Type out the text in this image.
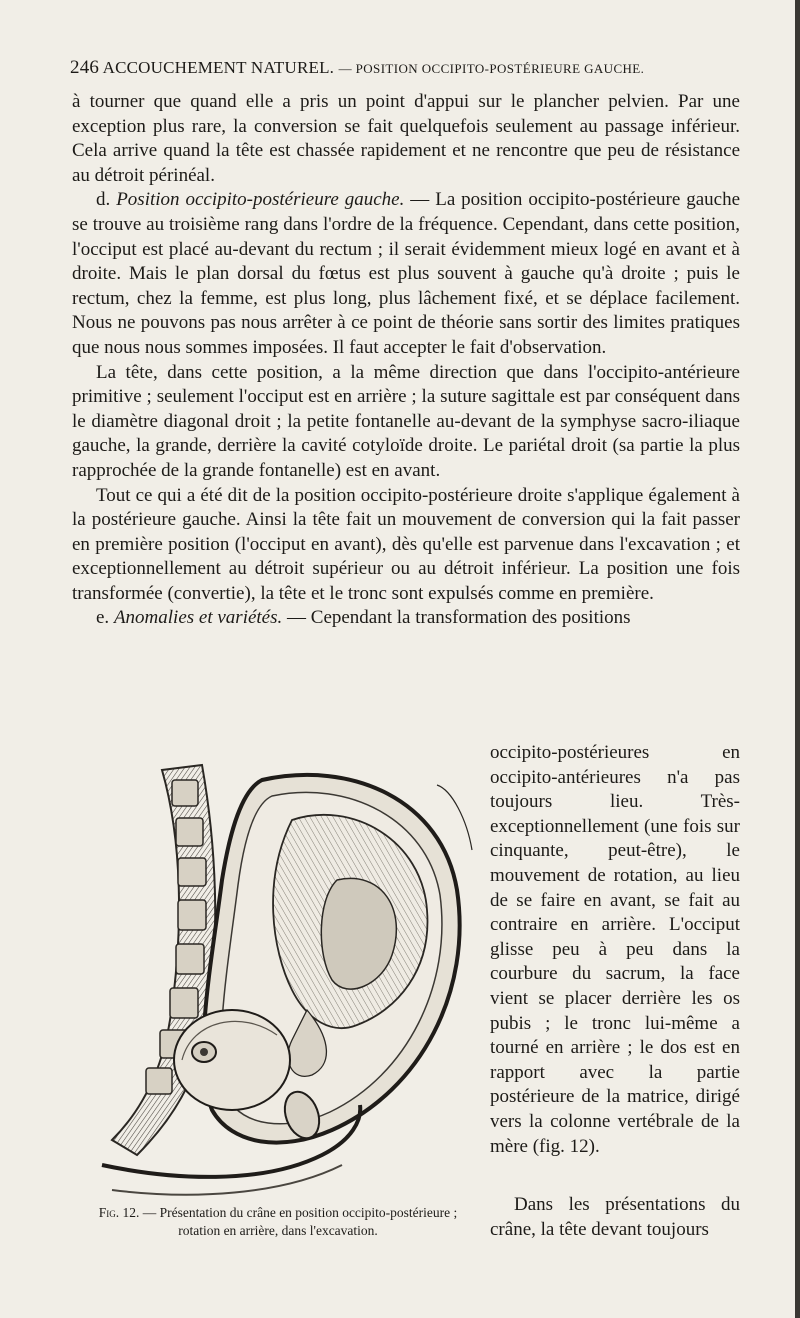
246 ACCOUCHEMENT NATUREL. — POSITION OCCIPITO-POSTÉRIEURE GAUCHE.

à tourner que quand elle a pris un point d'appui sur le plancher pelvien. Par une exception plus rare, la conversion se fait quelquefois seulement au passage inférieur. Cela arrive quand la tête est chassée rapidement et ne rencontre que peu de résistance au détroit périnéal.

d. Position occipito-postérieure gauche. — La position occipito-postérieure gauche se trouve au troisième rang dans l'ordre de la fréquence. Cependant, dans cette position, l'occiput est placé au-devant du rectum ; il serait évidemment mieux logé en avant et à droite. Mais le plan dorsal du fœtus est plus souvent à gauche qu'à droite ; puis le rectum, chez la femme, est plus long, plus lâchement fixé, et se déplace facilement. Nous ne pouvons pas nous arrêter à ce point de théorie sans sortir des limites pratiques que nous nous sommes imposées. Il faut accepter le fait d'observation.

La tête, dans cette position, a la même direction que dans l'occipito-antérieure primitive ; seulement l'occiput est en arrière ; la suture sagittale est par conséquent dans le diamètre diagonal droit ; la petite fontanelle au-devant de la symphyse sacro-iliaque gauche, la grande, derrière la cavité cotyloïde droite. Le pariétal droit (sa partie la plus rapprochée de la grande fontanelle) est en avant.

Tout ce qui a été dit de la position occipito-postérieure droite s'applique également à la postérieure gauche. Ainsi la tête fait un mouvement de conversion qui la fait passer en première position (l'occiput en avant), dès qu'elle est parvenue dans l'excavation ; et exceptionnellement au détroit supérieur ou au détroit inférieur. La position une fois transformée (convertie), la tête et le tronc sont expulsés comme en première.

e. Anomalies et variétés. — Cependant la transformation des positions

occipito-postérieures en occipito-antérieures n'a pas toujours lieu. Très-exceptionnellement (une fois sur cinquante, peut-être), le mouvement de rotation, au lieu de se faire en avant, se fait au contraire en arrière. L'occiput glisse peu à peu dans la courbure du sacrum, la face vient se placer derrière les os pubis ; le tronc lui-même a tourné en arrière ; le dos est en rapport avec la partie postérieure de la matrice, dirigé vers la colonne vertébrale de la mère (fig. 12).

Dans les présentations du crâne, la tête devant toujours

Fig. 12. — Présentation du crâne en position occipito-postérieure ; rotation en arrière, dans l'excavation.
